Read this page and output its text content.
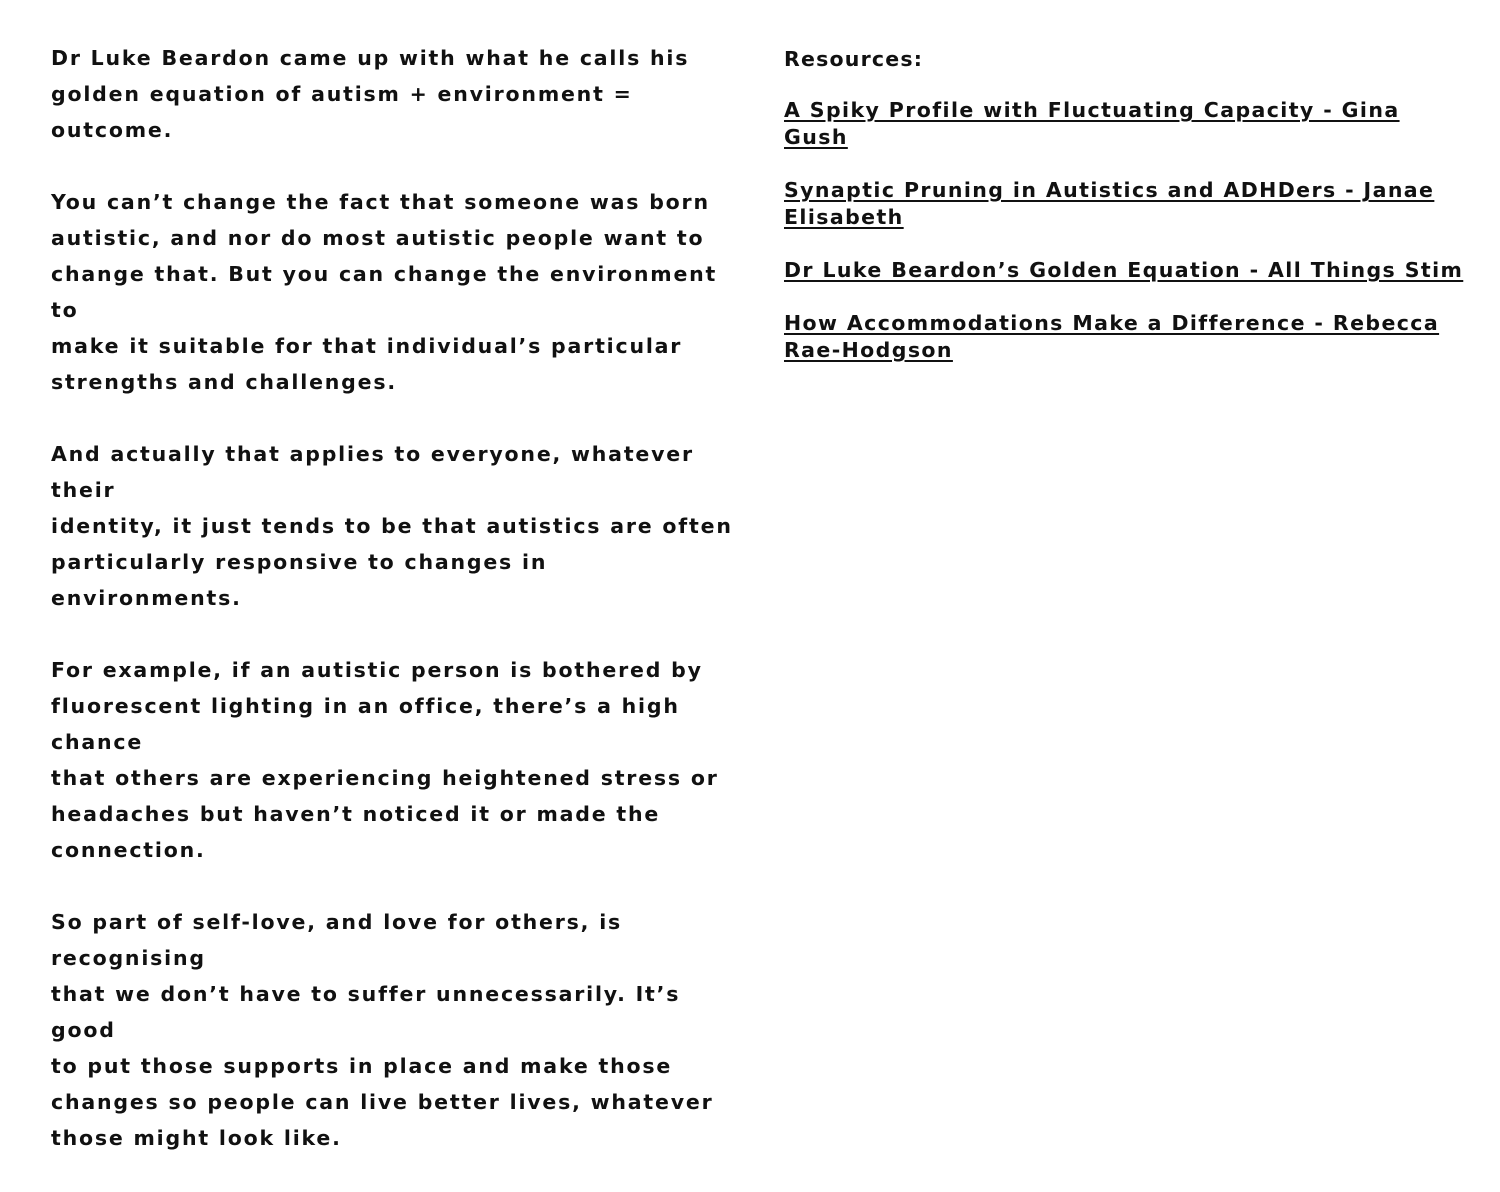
Dr Luke Beardon came up with what he calls his
golden equation of autism + environment = outcome.

You can’t change the fact that someone was born
autistic, and nor do most autistic people want to
change that. But you can change the environment to
make it suitable for that individual’s particular
strengths and challenges.

And actually that applies to everyone, whatever their
identity, it just tends to be that autistics are often
particularly responsive to changes in environments.

For example, if an autistic person is bothered by
fluorescent lighting in an office, there’s a high chance
that others are experiencing heightened stress or
headaches but haven’t noticed it or made the
connection.

So part of self-love, and love for others, is recognising
that we don’t have to suffer unnecessarily. It’s good
to put those supports in place and make those
changes so people can live better lives, whatever
those might look like.

Resources:
A Spiky Profile with Fluctuating Capacity - Gina Gush
Synaptic Pruning in Autistics and ADHDers - Janae
Elisabeth
Dr Luke Beardon’s Golden Equation - All Things Stim
How Accommodations Make a Difference - Rebecca
Rae-Hodgson
